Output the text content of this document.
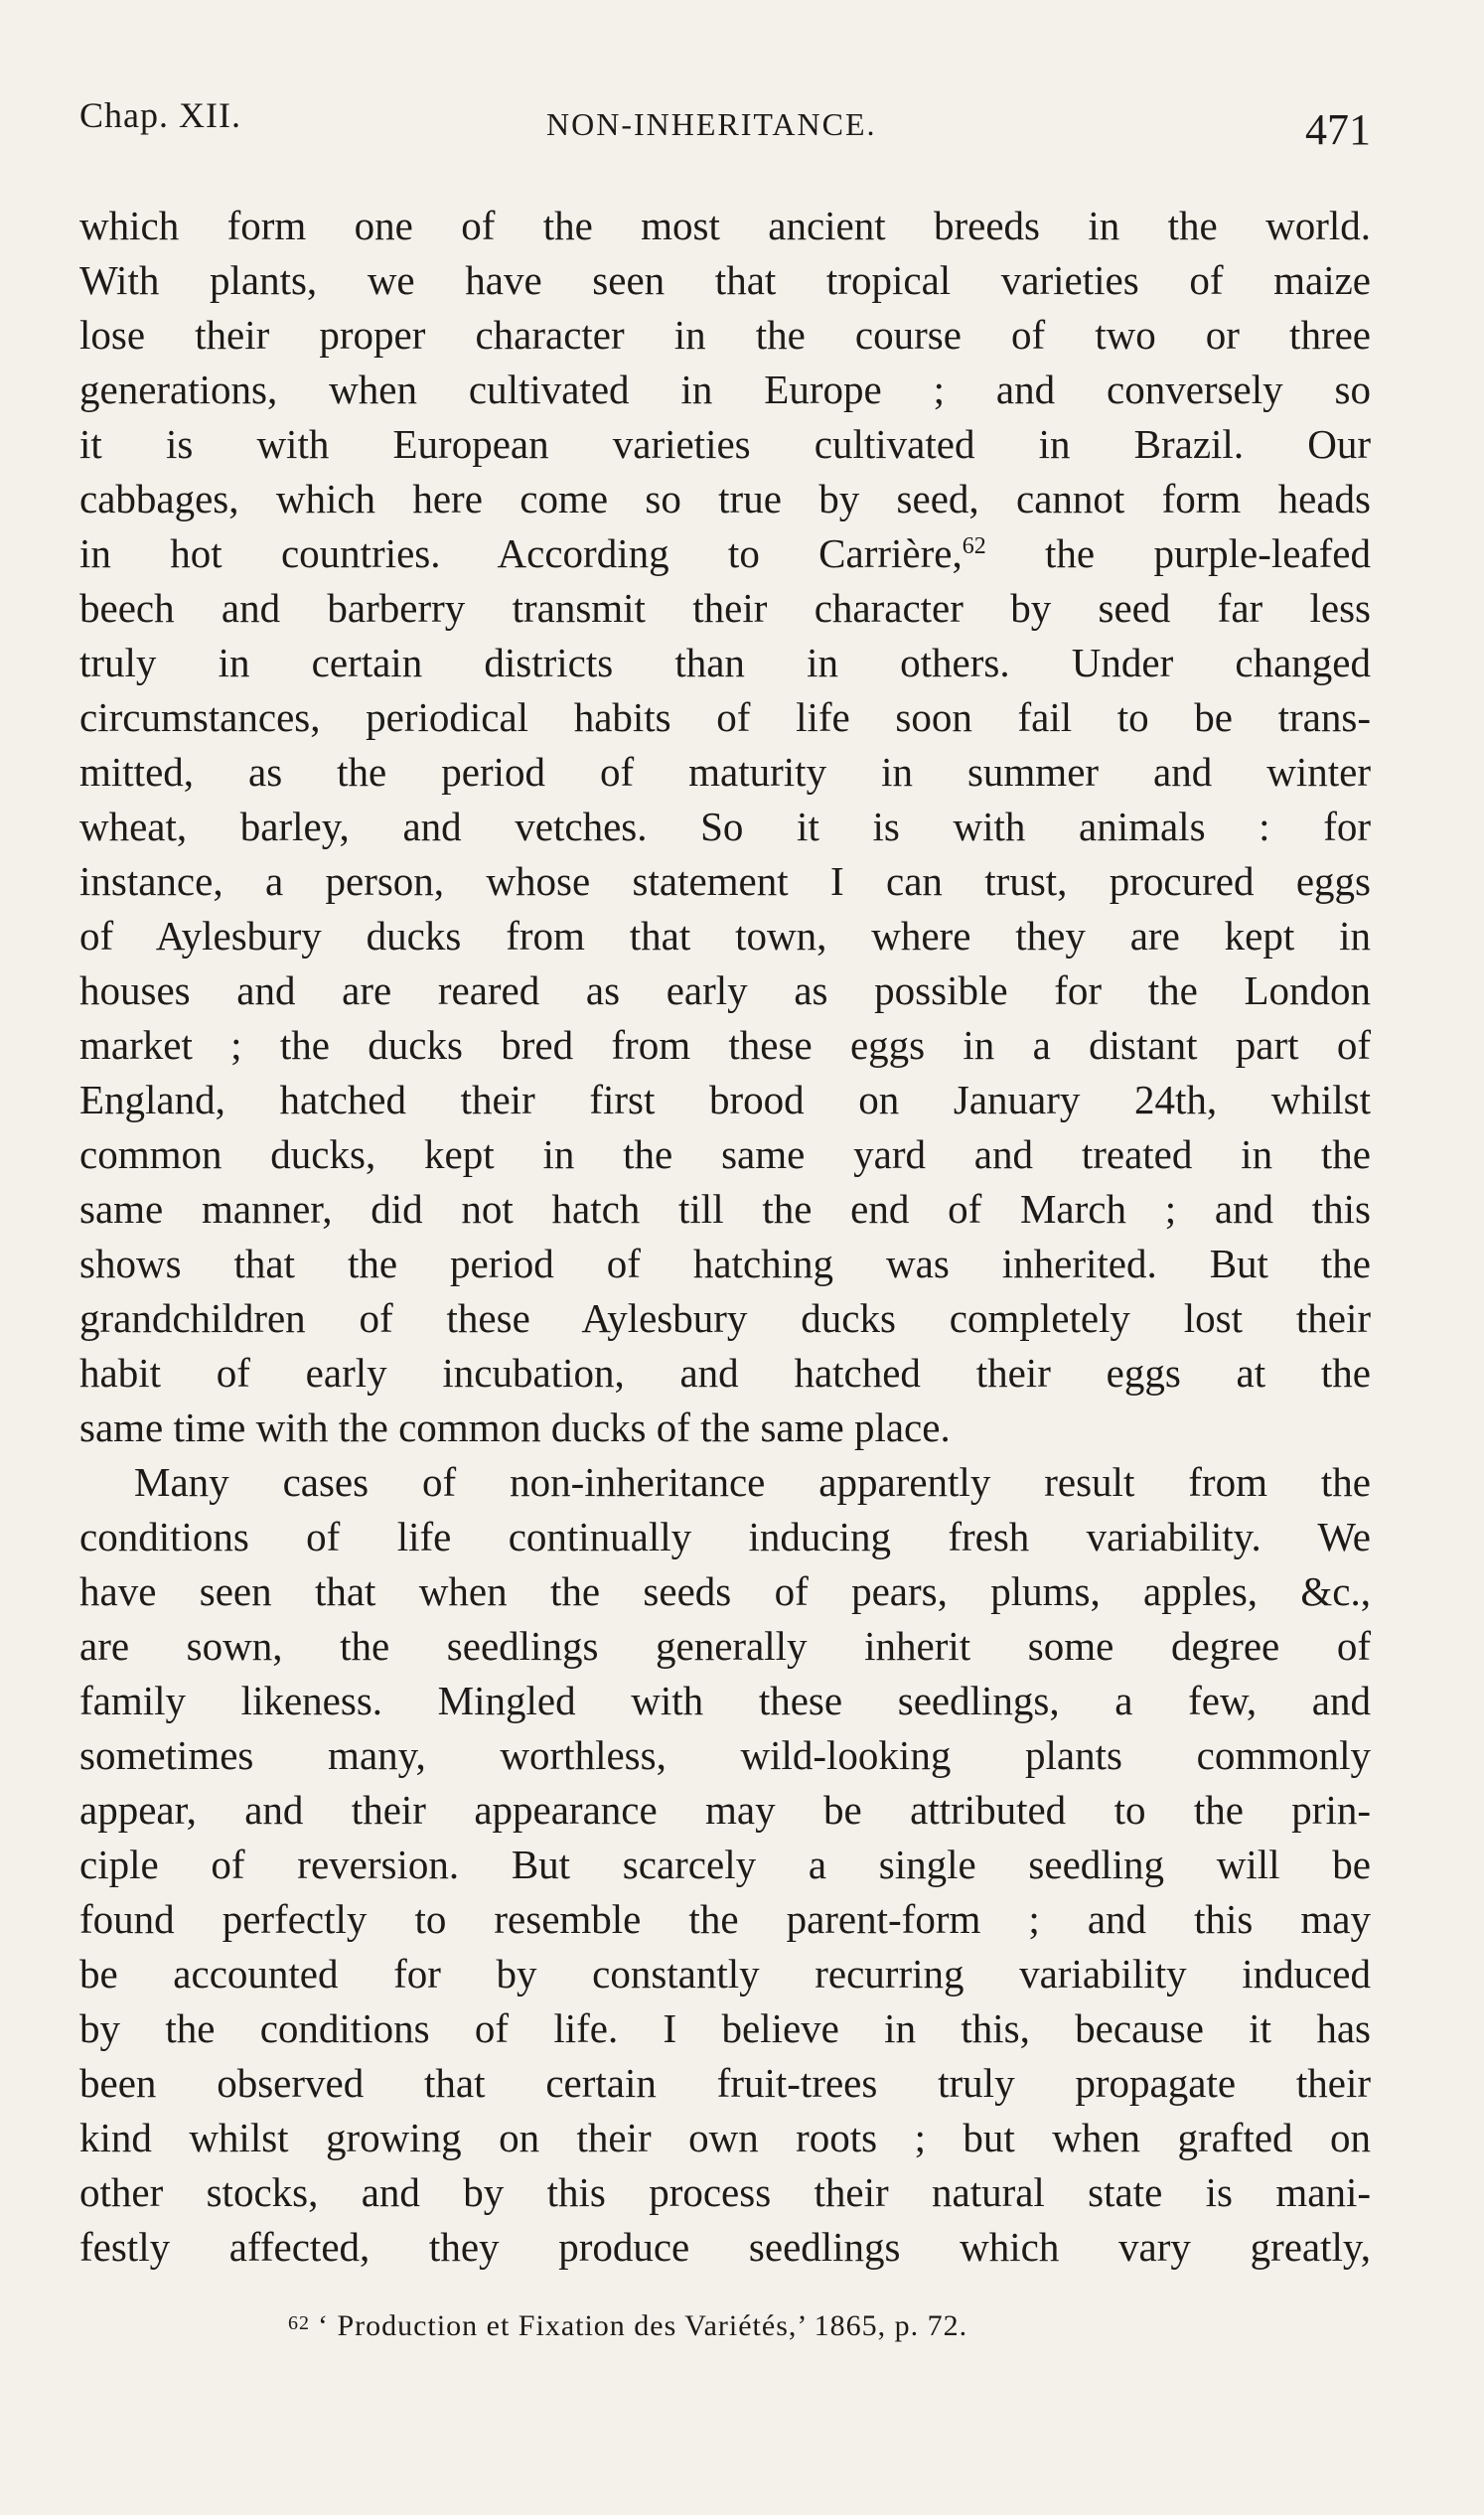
Chap. XII.	NON-INHERITANCE.	471
which form one of the most ancient breeds in the world.
With plants, we have seen that tropical varieties of maize
lose their proper character in the course of two or three
generations, when cultivated in Europe ; and conversely so
it is with European varieties cultivated in Brazil. Our
cabbages, which here come so true by seed, cannot form heads
in hot countries. According to Carrière,$^{62}$ the purple-leafed
beech and barberry transmit their character by seed far less
truly in certain districts than in others. Under changed
circumstances, periodical habits of life soon fail to be trans-
mitted, as the period of maturity in summer and winter
wheat, barley, and vetches. So it is with animals : for
instance, a person, whose statement I can trust, procured eggs
of Aylesbury ducks from that town, where they are kept in
houses and are reared as early as possible for the London
market ; the ducks bred from these eggs in a distant part of
England, hatched their first brood on January 24th, whilst
common ducks, kept in the same yard and treated in the
same manner, did not hatch till the end of March ; and this
shows that the period of hatching was inherited. But the
grandchildren of these Aylesbury ducks completely lost their
habit of early incubation, and hatched their eggs at the
same time with the common ducks of the same place.
Many cases of non-inheritance apparently result from the
conditions of life continually inducing fresh variability. We
have seen that when the seeds of pears, plums, apples, &c.,
are sown, the seedlings generally inherit some degree of
family likeness. Mingled with these seedlings, a few, and
sometimes many, worthless, wild-looking plants commonly
appear, and their appearance may be attributed to the prin-
ciple of reversion. But scarcely a single seedling will be
found perfectly to resemble the parent-form ; and this may
be accounted for by constantly recurring variability induced
by the conditions of life. I believe in this, because it has
been observed that certain fruit-trees truly propagate their
kind whilst growing on their own roots ; but when grafted on
other stocks, and by this process their natural state is mani-
festly affected, they produce seedlings which vary greatly,
$^{62}$ ‘ Production et Fixation des Variétés,’ 1865, p. 72.
